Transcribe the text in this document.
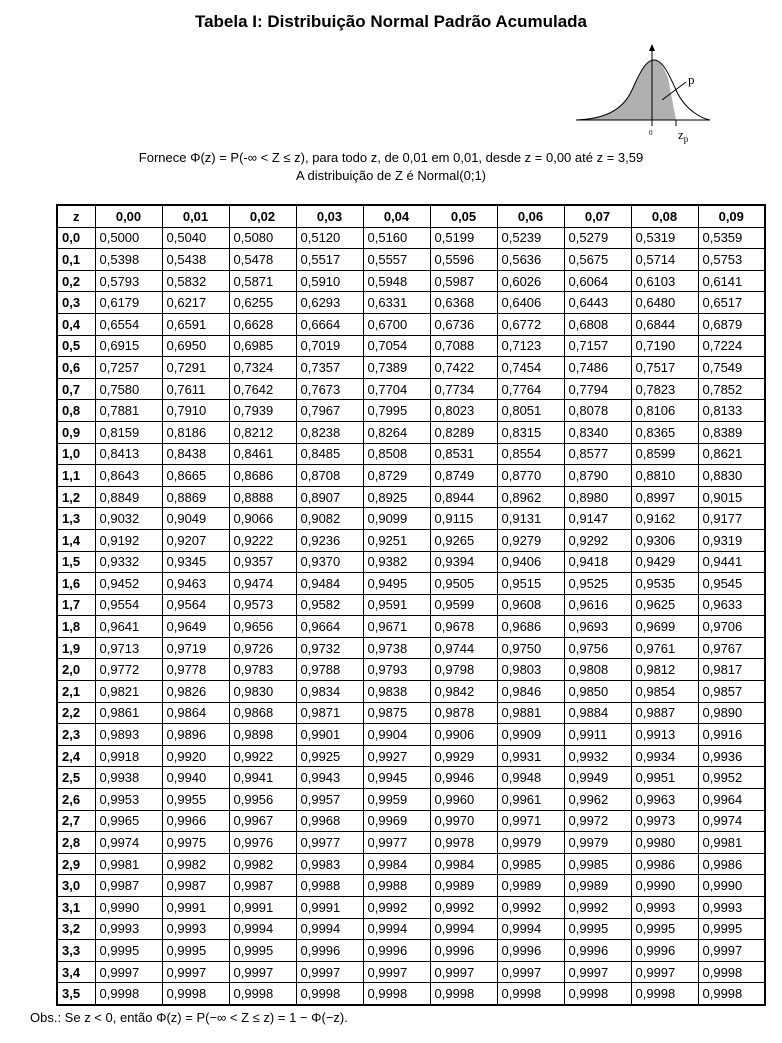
Tabela I: Distribuição Normal Padrão Acumulada
p
0 $z_p$
Fornece Φ(z) = P(-∞ < Z ≤ z), para todo z, de 0,01 em 0,01, desde z = 0,00 até z = 3,59
A distribuição de Z é Normal(0;1)
z	0,00	0,01	0,02	0,03	0,04	0,05	0,06	0,07	0,08	0,09
0,0	0,5000	0,5040	0,5080	0,5120	0,5160	0,5199	0,5239	0,5279	0,5319	0,5359
0,1	0,5398	0,5438	0,5478	0,5517	0,5557	0,5596	0,5636	0,5675	0,5714	0,5753
0,2	0,5793	0,5832	0,5871	0,5910	0,5948	0,5987	0,6026	0,6064	0,6103	0,6141
0,3	0,6179	0,6217	0,6255	0,6293	0,6331	0,6368	0,6406	0,6443	0,6480	0,6517
0,4	0,6554	0,6591	0,6628	0,6664	0,6700	0,6736	0,6772	0,6808	0,6844	0,6879
0,5	0,6915	0,6950	0,6985	0,7019	0,7054	0,7088	0,7123	0,7157	0,7190	0,7224
0,6	0,7257	0,7291	0,7324	0,7357	0,7389	0,7422	0,7454	0,7486	0,7517	0,7549
0,7	0,7580	0,7611	0,7642	0,7673	0,7704	0,7734	0,7764	0,7794	0,7823	0,7852
0,8	0,7881	0,7910	0,7939	0,7967	0,7995	0,8023	0,8051	0,8078	0,8106	0,8133
0,9	0,8159	0,8186	0,8212	0,8238	0,8264	0,8289	0,8315	0,8340	0,8365	0,8389
1,0	0,8413	0,8438	0,8461	0,8485	0,8508	0,8531	0,8554	0,8577	0,8599	0,8621
1,1	0,8643	0,8665	0,8686	0,8708	0,8729	0,8749	0,8770	0,8790	0,8810	0,8830
1,2	0,8849	0,8869	0,8888	0,8907	0,8925	0,8944	0,8962	0,8980	0,8997	0,9015
1,3	0,9032	0,9049	0,9066	0,9082	0,9099	0,9115	0,9131	0,9147	0,9162	0,9177
1,4	0,9192	0,9207	0,9222	0,9236	0,9251	0,9265	0,9279	0,9292	0,9306	0,9319
1,5	0,9332	0,9345	0,9357	0,9370	0,9382	0,9394	0,9406	0,9418	0,9429	0,9441
1,6	0,9452	0,9463	0,9474	0,9484	0,9495	0,9505	0,9515	0,9525	0,9535	0,9545
1,7	0,9554	0,9564	0,9573	0,9582	0,9591	0,9599	0,9608	0,9616	0,9625	0,9633
1,8	0,9641	0,9649	0,9656	0,9664	0,9671	0,9678	0,9686	0,9693	0,9699	0,9706
1,9	0,9713	0,9719	0,9726	0,9732	0,9738	0,9744	0,9750	0,9756	0,9761	0,9767
2,0	0,9772	0,9778	0,9783	0,9788	0,9793	0,9798	0,9803	0,9808	0,9812	0,9817
2,1	0,9821	0,9826	0,9830	0,9834	0,9838	0,9842	0,9846	0,9850	0,9854	0,9857
2,2	0,9861	0,9864	0,9868	0,9871	0,9875	0,9878	0,9881	0,9884	0,9887	0,9890
2,3	0,9893	0,9896	0,9898	0,9901	0,9904	0,9906	0,9909	0,9911	0,9913	0,9916
2,4	0,9918	0,9920	0,9922	0,9925	0,9927	0,9929	0,9931	0,9932	0,9934	0,9936
2,5	0,9938	0,9940	0,9941	0,9943	0,9945	0,9946	0,9948	0,9949	0,9951	0,9952
2,6	0,9953	0,9955	0,9956	0,9957	0,9959	0,9960	0,9961	0,9962	0,9963	0,9964
2,7	0,9965	0,9966	0,9967	0,9968	0,9969	0,9970	0,9971	0,9972	0,9973	0,9974
2,8	0,9974	0,9975	0,9976	0,9977	0,9977	0,9978	0,9979	0,9979	0,9980	0,9981
2,9	0,9981	0,9982	0,9982	0,9983	0,9984	0,9984	0,9985	0,9985	0,9986	0,9986
3,0	0,9987	0,9987	0,9987	0,9988	0,9988	0,9989	0,9989	0,9989	0,9990	0,9990
3,1	0,9990	0,9991	0,9991	0,9991	0,9992	0,9992	0,9992	0,9992	0,9993	0,9993
3,2	0,9993	0,9993	0,9994	0,9994	0,9994	0,9994	0,9994	0,9995	0,9995	0,9995
3,3	0,9995	0,9995	0,9995	0,9996	0,9996	0,9996	0,9996	0,9996	0,9996	0,9997
3,4	0,9997	0,9997	0,9997	0,9997	0,9997	0,9997	0,9997	0,9997	0,9997	0,9998
3,5	0,9998	0,9998	0,9998	0,9998	0,9998	0,9998	0,9998	0,9998	0,9998	0,9998
Obs.: Se z < 0, então Φ(z) = P(−∞ < Z ≤ z) = 1 − Φ(−z).
